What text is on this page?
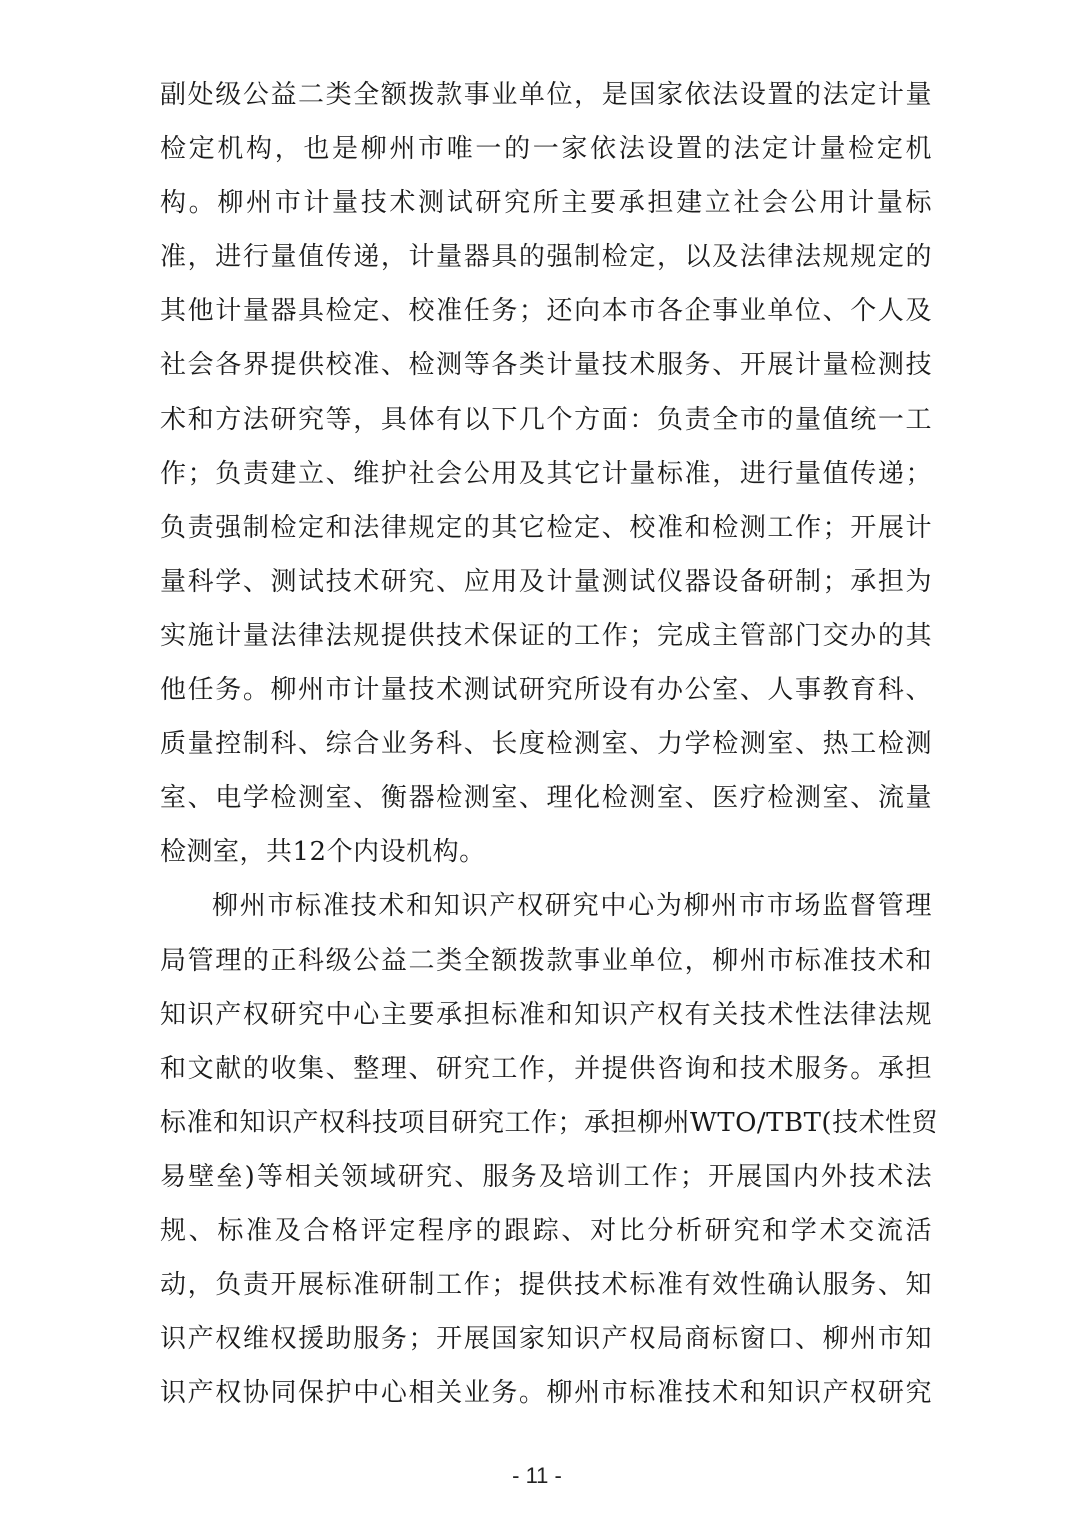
副处级公益二类全额拨款事业单位，是国家依法设置的法定计量
检定机构，也是柳州市唯一的一家依法设置的法定计量检定机
构。柳州市计量技术测试研究所主要承担建立社会公用计量标
准，进行量值传递，计量器具的强制检定，以及法律法规规定的
其他计量器具检定、校准任务；还向本市各企事业单位、个人及
社会各界提供校准、检测等各类计量技术服务、开展计量检测技
术和方法研究等，具体有以下几个方面：负责全市的量值统一工
作；负责建立、维护社会公用及其它计量标准，进行量值传递；
负责强制检定和法律规定的其它检定、校准和检测工作；开展计
量科学、测试技术研究、应用及计量测试仪器设备研制；承担为
实施计量法律法规提供技术保证的工作；完成主管部门交办的其
他任务。柳州市计量技术测试研究所设有办公室、人事教育科、
质量控制科、综合业务科、长度检测室、力学检测室、热工检测
室、电学检测室、衡器检测室、理化检测室、医疗检测室、流量
检测室，共12个内设机构。
柳州市标准技术和知识产权研究中心为柳州市市场监督管理
局管理的正科级公益二类全额拨款事业单位，柳州市标准技术和
知识产权研究中心主要承担标准和知识产权有关技术性法律法规
和文献的收集、整理、研究工作，并提供咨询和技术服务。承担
标准和知识产权科技项目研究工作；承担柳州WTO/TBT(技术性贸
易壁垒)等相关领域研究、服务及培训工作；开展国内外技术法
规、标准及合格评定程序的跟踪、对比分析研究和学术交流活
动，负责开展标准研制工作；提供技术标准有效性确认服务、知
识产权维权援助服务；开展国家知识产权局商标窗口、柳州市知
识产权协同保护中心相关业务。柳州市标准技术和知识产权研究
- 11 -
